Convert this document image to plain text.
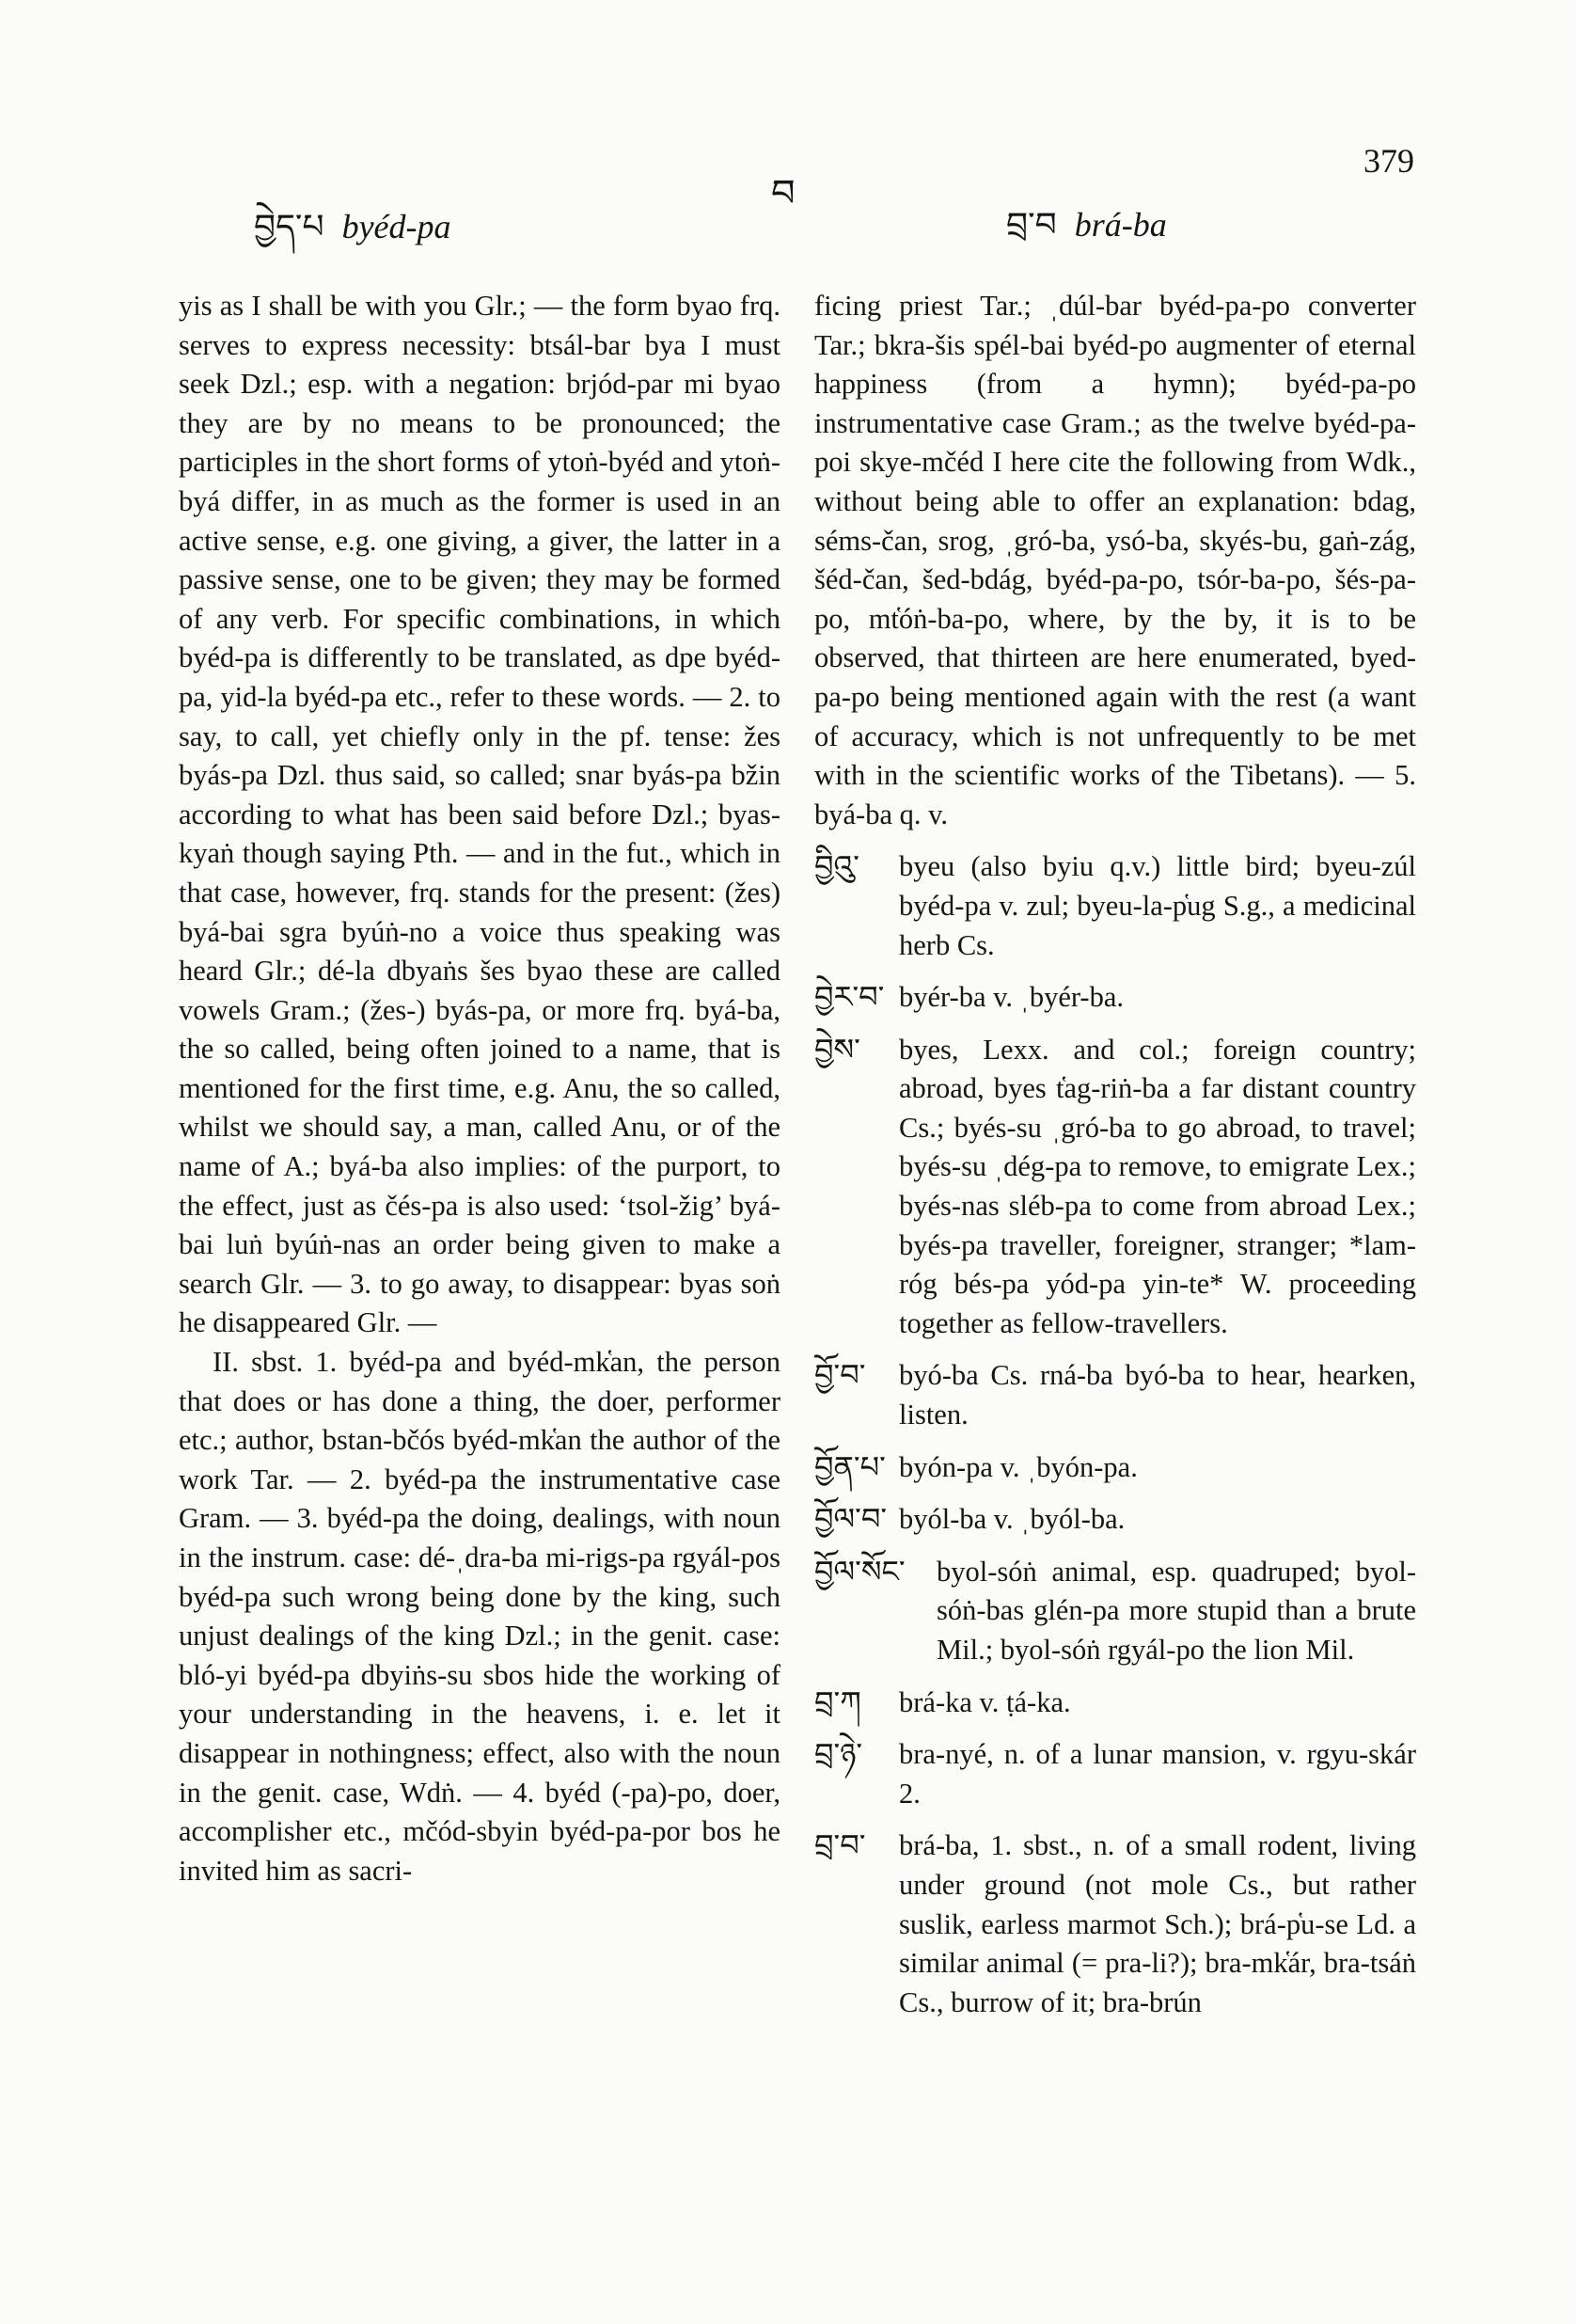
བྱེད་པ byéd-pa
བ
བྲ་བ brá-ba
379

yis as I shall be with you Glr.; — the form byao frq. serves to express necessity: btsál-bar bya I must seek Dzl.; esp. with a negation: brjód-par mi byao they are by no means to be pronounced; the participles in the short forms of ytoṅ-byéd and ytoṅ-byá differ, in as much as the former is used in an active sense, e.g. one giving, a giver, the latter in a passive sense, one to be given; they may be formed of any verb. For specific combinations, in which byéd-pa is differently to be translated, as dpe byéd-pa, yid-la byéd-pa etc., refer to these words. — 2. to say, to call, yet chiefly only in the pf. tense: žes byás-pa Dzl. thus said, so called; snar byás-pa bžin according to what has been said before Dzl.; byas-kyaṅ though saying Pth. — and in the fut., which in that case, however, frq. stands for the present: (žes) byá-bai sgra byúṅ-no a voice thus speaking was heard Glr.; dé-la dbyaṅs šes byao these are called vowels Gram.; (žes-) byás-pa, or more frq. byá-ba, the so called, being often joined to a name, that is mentioned for the first time, e.g. Anu, the so called, whilst we should say, a man, called Anu, or of the name of A.; byá-ba also implies: of the purport, to the effect, just as čés-pa is also used: ‘tsol-žig’ byá-bai luṅ byúṅ-nas an order being given to make a search Glr. — 3. to go away, to disappear: byas soṅ he disappeared Glr. —

II. sbst. 1. byéd-pa and byéd-mk̔an, the person that does or has done a thing, the doer, performer etc.; author, bstan-bčós byéd-mk̔an the author of the work Tar. — 2. byéd-pa the instrumentative case Gram. — 3. byéd-pa the doing, dealings, with noun in the instrum. case: dé-ˌdra-ba mi-rigs-pa rgyál-pos byéd-pa such wrong being done by the king, such unjust dealings of the king Dzl.; in the genit. case: bló-yi byéd-pa dbyiṅs-su sbos hide the working of your understanding in the heavens, i. e. let it disappear in nothingness; effect, also with the noun in the genit. case, Wdṅ. — 4. byéd (-pa)-po, doer, accomplisher etc., mčód-sbyin byéd-pa-por bos he invited him as sacri-

ficing priest Tar.; ˌdúl-bar byéd-pa-po converter Tar.; bkra-šis spél-bai byéd-po augmenter of eternal happiness (from a hymn); byéd-pa-po instrumentative case Gram.; as the twelve byéd-pa-poi skye-mčéd I here cite the following from Wdk., without being able to offer an explanation: bdag, séms-čan, srog, ˌgró-ba, ysó-ba, skyés-bu, gaṅ-zág, šéd-čan, šed-bdág, byéd-pa-po, tsór-ba-po, šés-pa-po, mt̔óṅ-ba-po, where, by the by, it is to be observed, that thirteen are here enumerated, byed-pa-po being mentioned again with the rest (a want of accuracy, which is not unfrequently to be met with in the scientific works of the Tibetans). — 5. byá-ba q. v.

བྱིའུ་ byeu (also byiu q.v.) little bird; byeu-zúl byéd-pa v. zul; byeu-la-p̔ug S.g., a medicinal herb Cs.

བྱེར་བ་ byér-ba v. ˌbyér-ba.

བྱེས་ byes, Lexx. and col.; foreign country; abroad, byes t̔ag-riṅ-ba a far distant country Cs.; byés-su ˌgró-ba to go abroad, to travel; byés-su ˌdég-pa to remove, to emigrate Lex.; byés-nas sléb-pa to come from abroad Lex.; byés-pa traveller, foreigner, stranger; *lam-róg bés-pa yód-pa yin-te* W. proceeding together as fellow-travellers.

བྱོ་བ་ byó-ba Cs. rná-ba byó-ba to hear, hearken, listen.

བྱོན་པ་ byón-pa v. ˌbyón-pa.

བྱོལ་བ་ byól-ba v. ˌbyól-ba.

བྱོལ་སོང་ byol-sóṅ animal, esp. quadruped; byol-sóṅ-bas glén-pa more stupid than a brute Mil.; byol-sóṅ rgyál-po the lion Mil.

བྲ་ཀ brá-ka v. ṭá-ka.

བྲ་ཉེ་ bra-nyé, n. of a lunar mansion, v. rgyu-skár 2.

བྲ་བ་ brá-ba, 1. sbst., n. of a small rodent, living under ground (not mole Cs., but rather suslik, earless marmot Sch.); brá-p̔u-se Ld. a similar animal (= pra-li?); bra-mk̔ár, bra-tsáṅ Cs., burrow of it; bra-brún
